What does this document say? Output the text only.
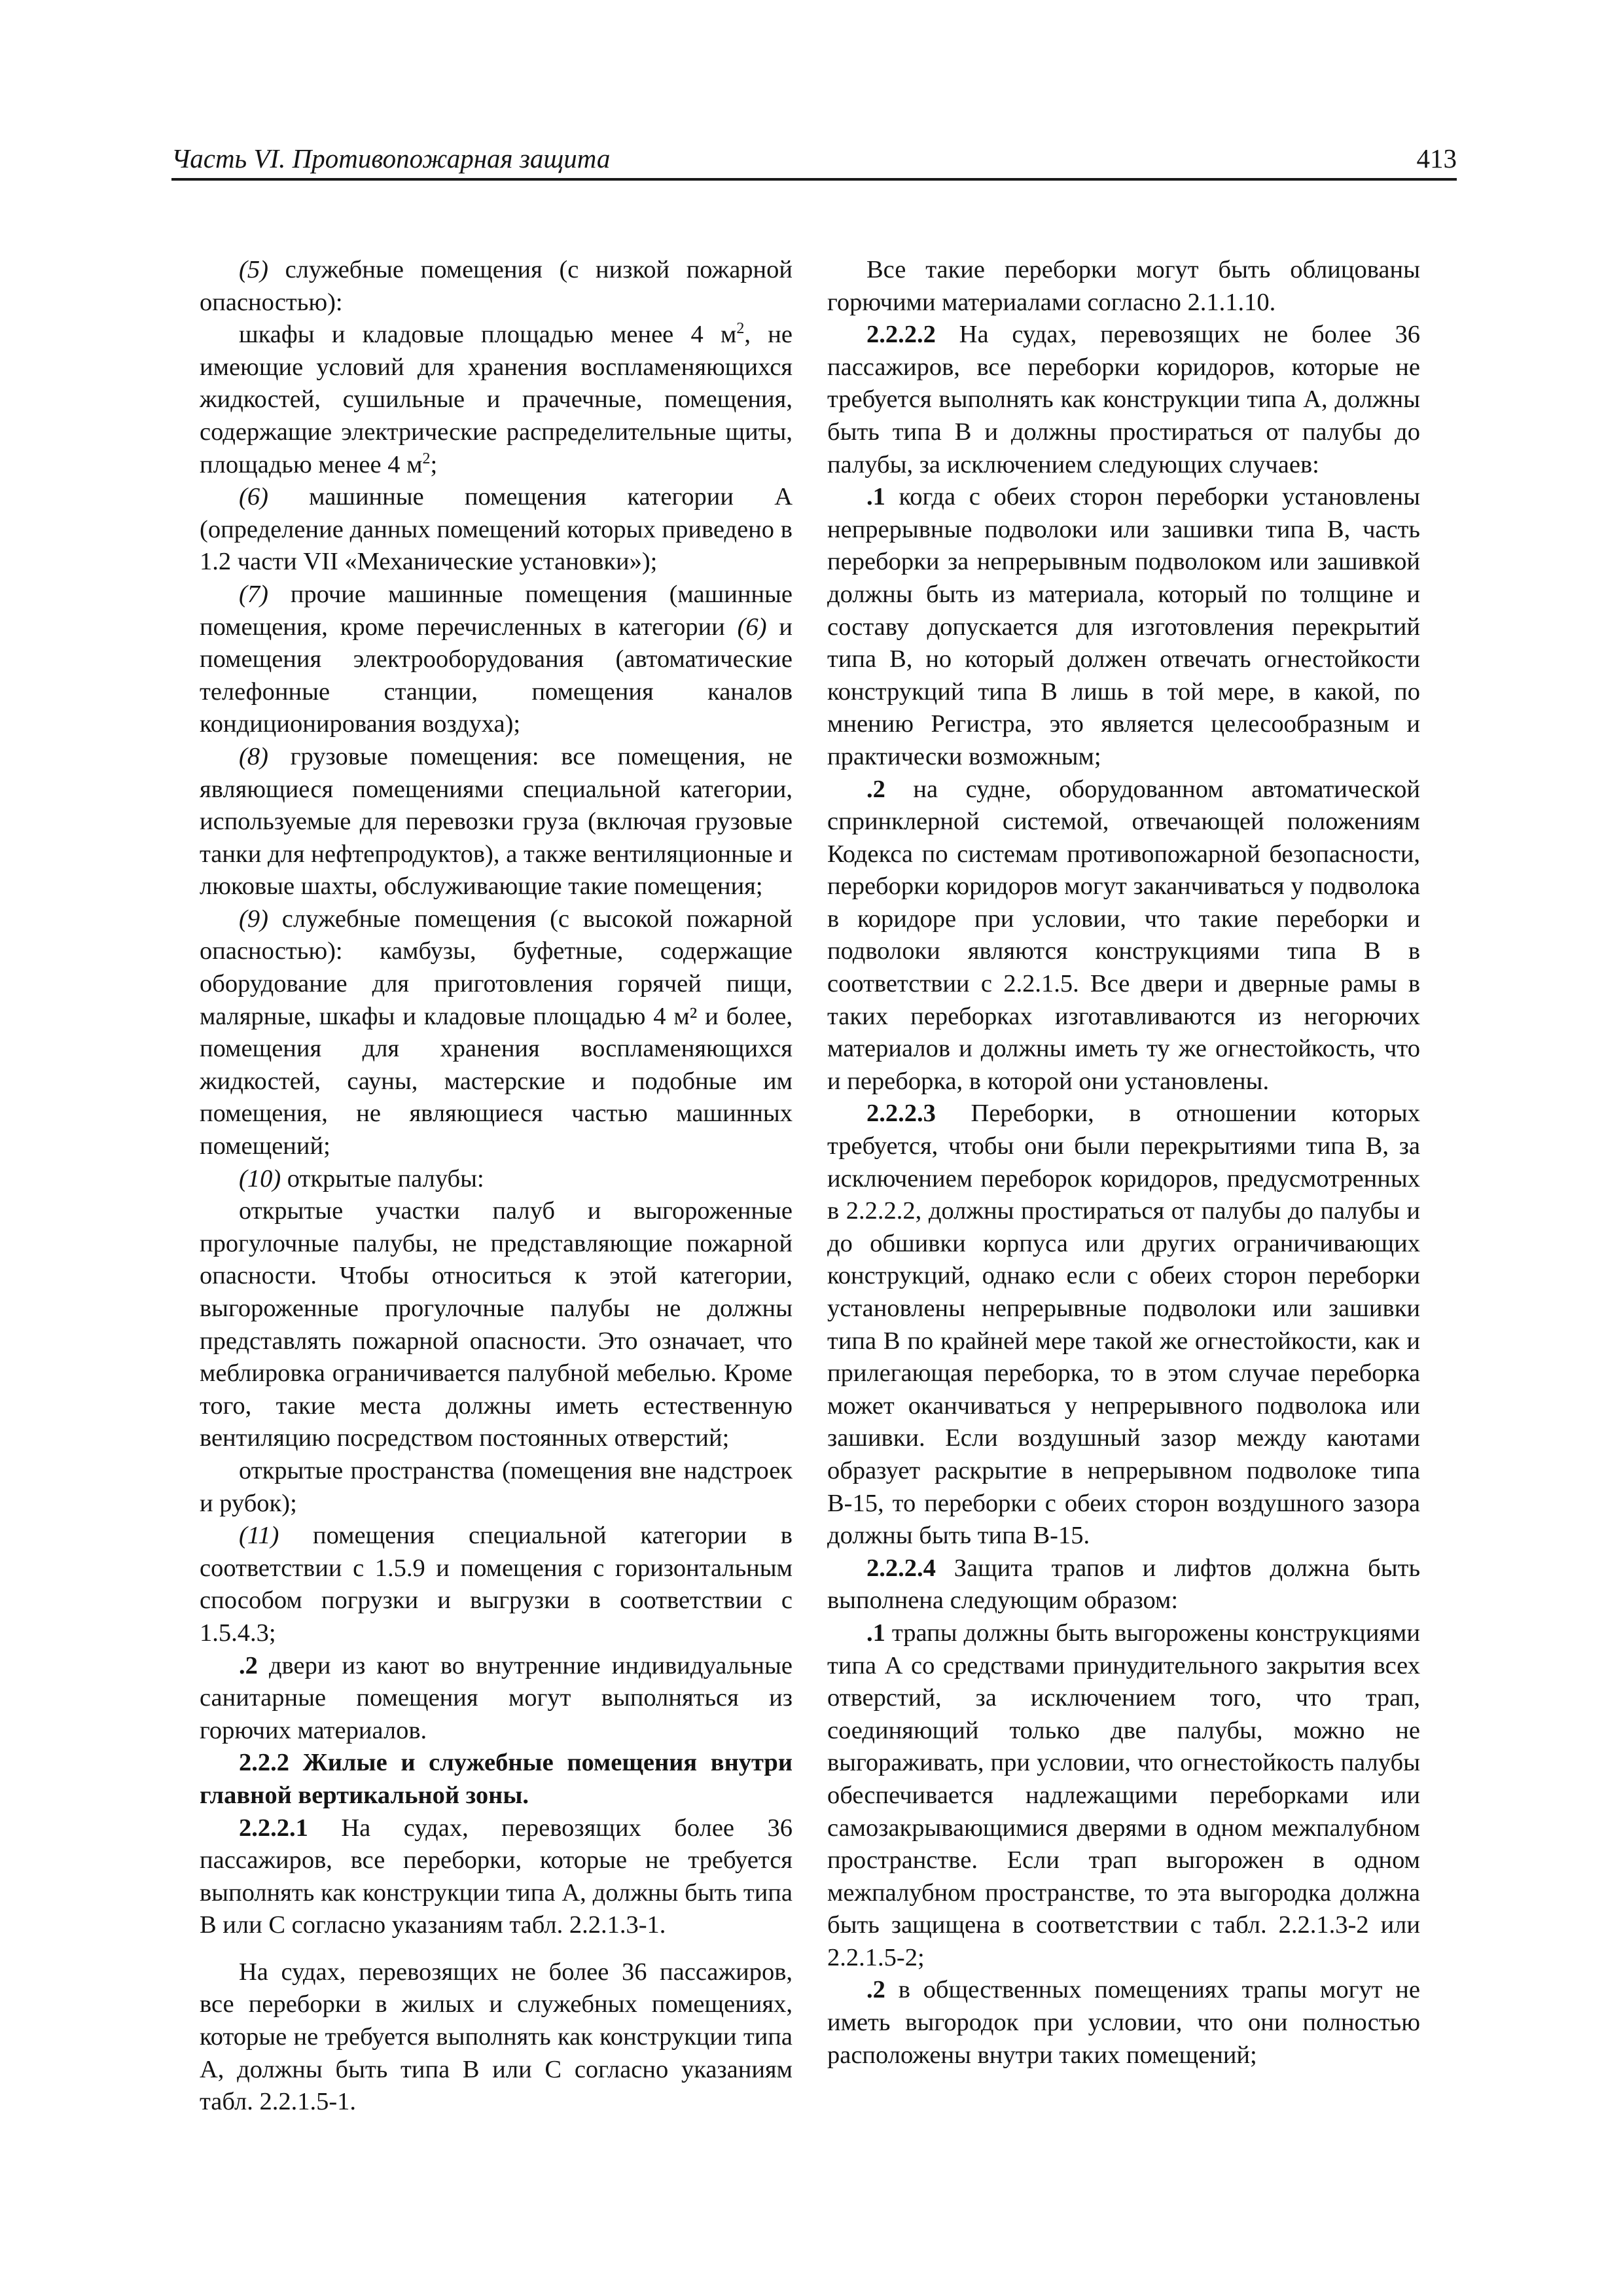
Часть VI. Противопожарная защита	413

(5) служебные помещения (с низкой пожарной опасностью):

шкафы и кладовые площадью менее 4 $м^2$, не имеющие условий для хранения воспламеняющихся жидкостей, сушильные и прачечные, помещения, содержащие электрические распределительные щиты, площадью менее 4 $м^2$;

(6) машинные помещения категории А (определение данных помещений которых приведено в 1.2 части VII «Механические установки»);

(7) прочие машинные помещения (машинные помещения, кроме перечисленных в категории (6) и помещения электрооборудования (автоматические телефонные станции, помещения каналов кондиционирования воздуха);

(8) грузовые помещения: все помещения, не являющиеся помещениями специальной категории, используемые для перевозки груза (включая грузовые танки для нефтепродуктов), а также вентиляционные и люковые шахты, обслуживающие такие помещения;

(9) служебные помещения (с высокой пожарной опасностью): камбузы, буфетные, содержащие оборудование для приготовления горячей пищи, малярные, шкафы и кладовые площадью 4 м² и более, помещения для хранения воспламеняющихся жидкостей, сауны, мастерские и подобные им помещения, не являющиеся частью машинных помещений;

(10) открытые палубы:

открытые участки палуб и выгороженные прогулочные палубы, не представляющие пожарной опасности. Чтобы относиться к этой категории, выгороженные прогулочные палубы не должны представлять пожарной опасности. Это означает, что меблировка ограничивается палубной мебелью. Кроме того, такие места должны иметь естественную вентиляцию посредством постоянных отверстий;

открытые пространства (помещения вне надстроек и рубок);

(11) помещения специальной категории в соответствии с 1.5.9 и помещения с горизонтальным способом погрузки и выгрузки в соответствии с 1.5.4.3;

.2 двери из кают во внутренние индивидуальные санитарные помещения могут выполняться из горючих материалов.

2.2.2 Жилые и служебные помещения внутри главной вертикальной зоны.

2.2.2.1 На судах, перевозящих более 36 пассажиров, все переборки, которые не требуется выполнять как конструкции типа А, должны быть типа В или С согласно указаниям табл. 2.2.1.3-1.

На судах, перевозящих не более 36 пассажиров, все переборки в жилых и служебных помещениях, которые не требуется выполнять как конструкции типа А, должны быть типа В или С согласно указаниям табл. 2.2.1.5-1.

Все такие переборки могут быть облицованы горючими материалами согласно 2.1.1.10.

2.2.2.2 На судах, перевозящих не более 36 пассажиров, все переборки коридоров, которые не требуется выполнять как конструкции типа А, должны быть типа В и должны простираться от палубы до палубы, за исключением следующих случаев:

.1 когда с обеих сторон переборки установлены непрерывные подволоки или зашивки типа В, часть переборки за непрерывным подволоком или зашивкой должны быть из материала, который по толщине и составу допускается для изготовления перекрытий типа В, но который должен отвечать огнестойкости конструкций типа В лишь в той мере, в какой, по мнению Регистра, это является целесообразным и практически возможным;

.2 на судне, оборудованном автоматической спринклерной системой, отвечающей положениям Кодекса по системам противопожарной безопасности, переборки коридоров могут заканчиваться у подволока в коридоре при условии, что такие переборки и подволоки являются конструкциями типа В в соответствии с 2.2.1.5. Все двери и дверные рамы в таких переборках изготавливаются из негорючих материалов и должны иметь ту же огнестойкость, что и переборка, в которой они установлены.

2.2.2.3 Переборки, в отношении которых требуется, чтобы они были перекрытиями типа В, за исключением переборок коридоров, предусмотренных в 2.2.2.2, должны простираться от палубы до палубы и до обшивки корпуса или других ограничивающих конструкций, однако если с обеих сторон переборки установлены непрерывные подволоки или зашивки типа В по крайней мере такой же огнестойкости, как и прилегающая переборка, то в этом случае переборка может оканчиваться у непрерывного подволока или зашивки. Если воздушный зазор между каютами образует раскрытие в непрерывном подволоке типа В-15, то переборки с обеих сторон воздушного зазора должны быть типа В-15.

2.2.2.4 Защита трапов и лифтов должна быть выполнена следующим образом:

.1 трапы должны быть выгорожены конструкциями типа А со средствами принудительного закрытия всех отверстий, за исключением того, что трап, соединяющий только две палубы, можно не выгораживать, при условии, что огнестойкость палубы обеспечивается надлежащими переборками или самозакрывающимися дверями в одном межпалубном пространстве. Если трап выгорожен в одном межпалубном пространстве, то эта выгородка должна быть защищена в соответствии с табл. 2.2.1.3-2 или 2.2.1.5-2;

.2 в общественных помещениях трапы могут не иметь выгородок при условии, что они полностью расположены внутри таких помещений;
